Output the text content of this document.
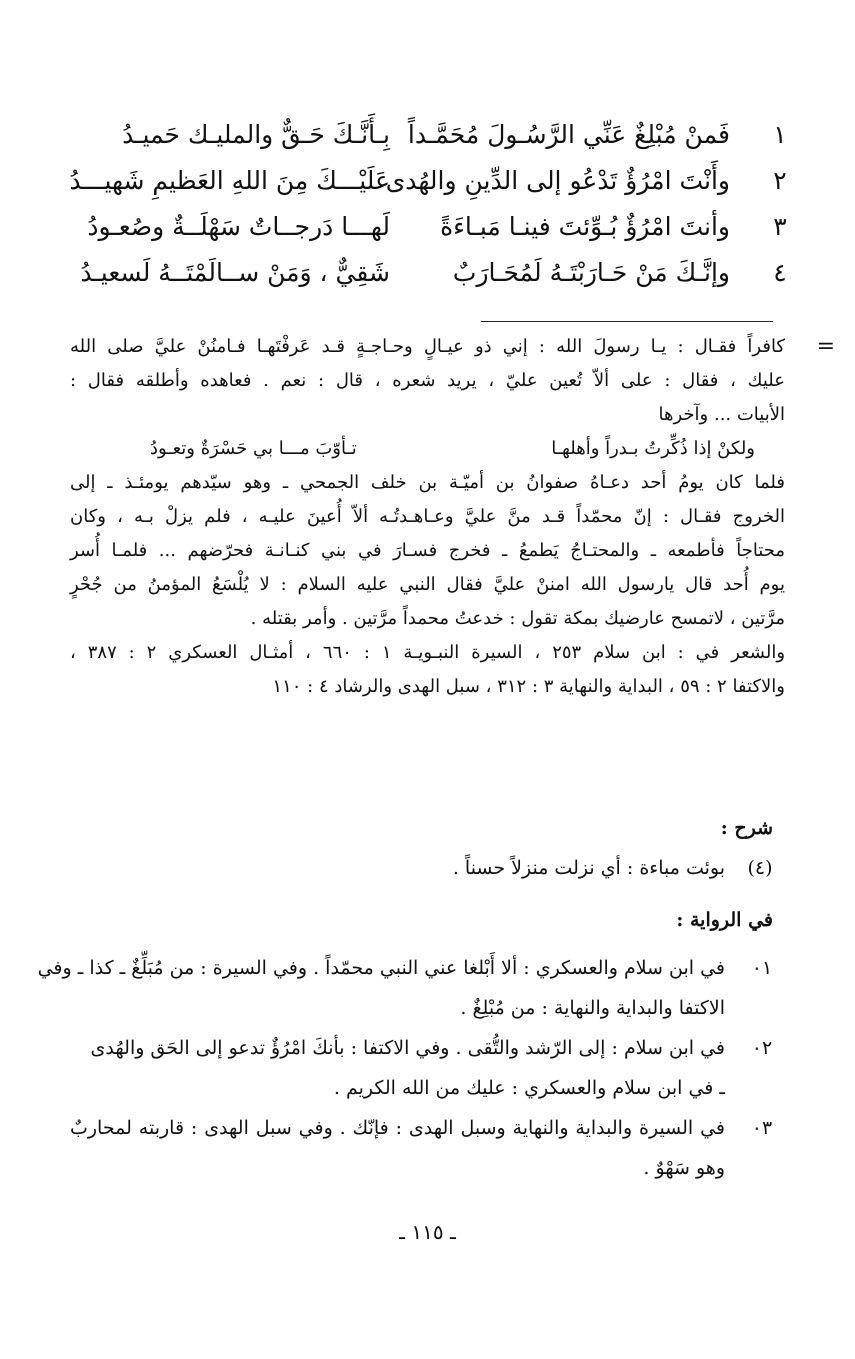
١
فَمنْ مُبْلِغٌ عَنِّي الرَّسُـولَ مُحَمَّـداً
بِـأَنَّـكَ حَـقٌّ والمليـك حَميـدُ
٢
وأَنْتَ امْرُؤٌ تَدْعُو إلى الدِّينِ والهُدى
عَلَيْـــكَ مِنَ اللهِ العَظيمِ شَهيـــدُ
٣
وأنتَ امْرُؤٌ بُـوِّئتَ فينـا مَبـاءَةً
لَهـــا دَرجــاتٌ سَهْلَــةٌ وصُعـودُ
٤
وإنَّـكَ مَنْ حَـارَبْتَـهُ لَمُحَـارَبٌ
شَقِيٌّ ، وَمَنْ ســالَمْتَــهُ لَسعيـدُ
=
كافراً فقـال : يـا رسولَ الله : إني ذو عيـالٍ وحـاجـةٍ قـد عَرفْتَهـا فـامنُنْ عليَّ صلى الله
عليك ، فقال : على ألاّ تُعين عليّ ، يريد شعره ، قال : نعم . فعاهده وأطلقه فقال :
الأبيات ... وآخرها
ولكنْ إذا ذُكِّرتُ بـدراً وأهلهـا
تـأوّبَ مـــا بي حَسْرَةٌ وتعـودُ
فلما كان يومُ أحد دعـاهُ صفوانُ بن أميّـة بن خلف الجمحي ـ وهو سيّدهم يومئـذ ـ إلى
الخروج فقـال : إنّ محمّداً قـد منَّ عليَّ وعـاهـدتُـه ألاّ أُعينَ عليـه ، فلم يزلْ بـه ، وكان
محتاجاً فأطمعه ـ والمحتـاجُ يَطمعُ ـ فخرج فسـارَ في بني كنـانـة فحرّضهم ... فلمـا أُسر
يوم أُحد قال يارسول الله امننْ عليَّ فقال النبي عليه السلام : لا يُلْسَعُ المؤمنُ من جُحْرٍ
مرَّتين ، لاتمسح عارضيك بمكة تقول : خدعتُ محمداً مرَّتين . وأمر بقتله .
والشعر في : ابن سلام ٢٥٣ ، السيرة النبـويـة ١ : ٦٦٠ ، أمثـال العسكري ٢ : ٣٨٧ ،
والاكتفا ٢ : ٥٩ ، البداية والنهاية ٣ : ٣١٢ ، سبل الهدى والرشاد ٤ : ١١٠
شرح :
(٤)
بوئت مباءة : أي نزلت منزلاً حسناً .
في الرواية :
٠١
في ابن سلام والعسكري : ألا أَبْلغا عني النبي محمّداً . وفي السيرة : من مُبَلِّغٌ ـ كذا ـ وفي
الاكتفا والبداية والنهاية : من مُبْلِغٌ .
٠٢
في ابن سلام : إلى الرّشد والتُّقى . وفي الاكتفا : بأنكَ امْرُؤٌ تدعو إلى الحَق والهُدى
ـ في ابن سلام والعسكري : عليك من الله الكريم .
٠٣
في السيرة والبداية والنهاية وسبل الهدى : فإنّك . وفي سبل الهدى : قاربته لمحاربٌ
وهو سَهْوٌ .
ـ ١١٥ ـ
